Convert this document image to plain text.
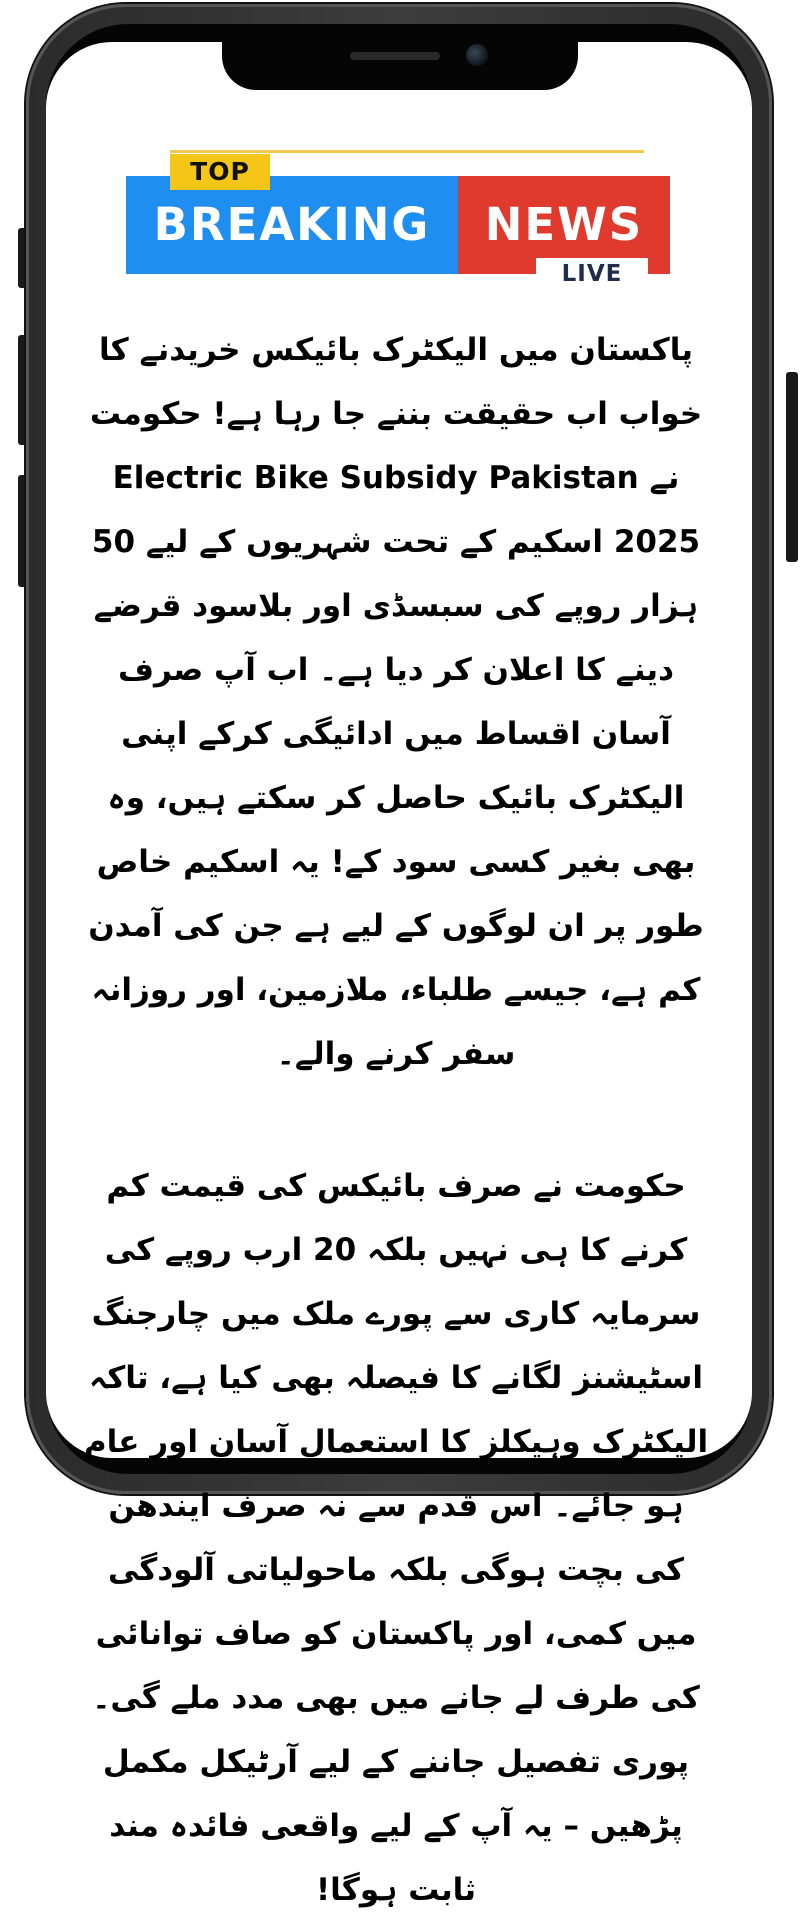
BREAKING	NEWS
TOP
LIVE

پاکستان میں الیکٹرک بائیکس خریدنے کا خواب اب حقیقت بننے جا رہا ہے! حکومت نے Electric Bike Subsidy Pakistan 2025 اسکیم کے تحت شہریوں کے لیے 50 ہزار روپے کی سبسڈی اور بلاسود قرضے دینے کا اعلان کر دیا ہے۔ اب آپ صرف آسان اقساط میں ادائیگی کرکے اپنی الیکٹرک بائیک حاصل کر سکتے ہیں، وہ بھی بغیر کسی سود کے! یہ اسکیم خاص طور پر ان لوگوں کے لیے ہے جن کی آمدن کم ہے، جیسے طلباء، ملازمین، اور روزانہ سفر کرنے والے۔

حکومت نے صرف بائیکس کی قیمت کم کرنے کا ہی نہیں بلکہ 20 ارب روپے کی سرمایہ کاری سے پورے ملک میں چارجنگ اسٹیشنز لگانے کا فیصلہ بھی کیا ہے، تاکہ الیکٹرک وہیکلز کا استعمال آسان اور عام ہو جائے۔ اس قدم سے نہ صرف ایندھن کی بچت ہوگی بلکہ ماحولیاتی آلودگی میں کمی، اور پاکستان کو صاف توانائی کی طرف لے جانے میں بھی مدد ملے گی۔ پوری تفصیل جاننے کے لیے آرٹیکل مکمل پڑھیں – یہ آپ کے لیے واقعی فائدہ مند ثابت ہوگا!
